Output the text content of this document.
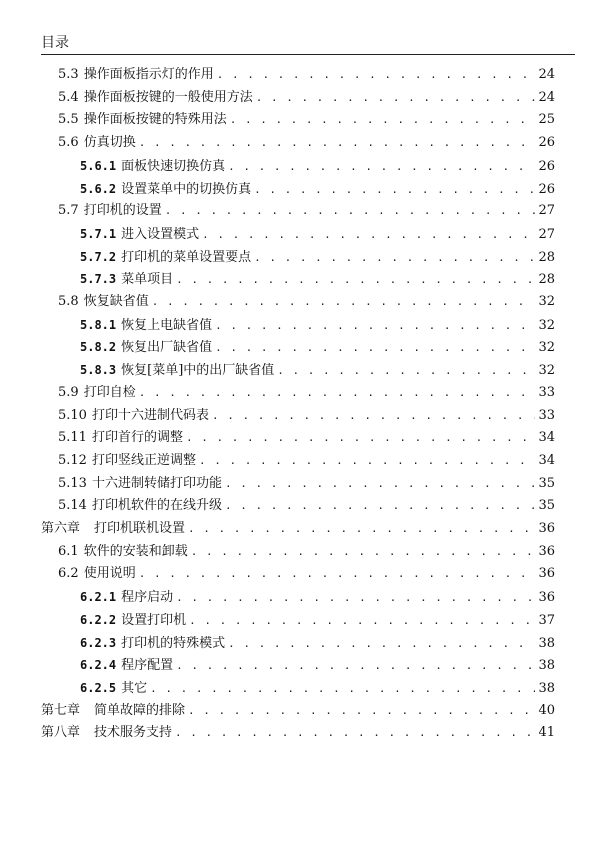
目录
5.3 操作面板指示灯的作用 . . .	24
5.4 操作面板按键的一般使用方法 . . .	24
5.5 操作面板按键的特殊用法 . . .	25
5.6 仿真切换 . . .	26
5.6.1 面板快速切换仿真 . . .	26
5.6.2 设置菜单中的切换仿真 . . .	26
5.7 打印机的设置 . . .	27
5.7.1 进入设置模式 . . .	27
5.7.2 打印机的菜单设置要点 . . .	28
5.7.3 菜单项目 . . .	28
5.8 恢复缺省值 . . .	32
5.8.1 恢复上电缺省值 . . .	32
5.8.2 恢复出厂缺省值 . . .	32
5.8.3 恢复[菜单]中的出厂缺省值 . . .	32
5.9 打印自检 . . .	33
5.10 打印十六进制代码表 . . .	33
5.11 打印首行的调整 . . .	34
5.12 打印竖线正逆调整 . . .	34
5.13 十六进制转储打印功能 . . .	35
5.14 打印机软件的在线升级 . . .	35
第六章 打印机联机设置 . . .	36
6.1 软件的安装和卸载 . . .	36
6.2 使用说明 . . .	36
6.2.1 程序启动 . . .	36
6.2.2 设置打印机 . . .	37
6.2.3 打印机的特殊模式 . . .	38
6.2.4 程序配置 . . .	38
6.2.5 其它 . . .	38
第七章 简单故障的排除 . . .	40
第八章 技术服务支持 . . .	41
